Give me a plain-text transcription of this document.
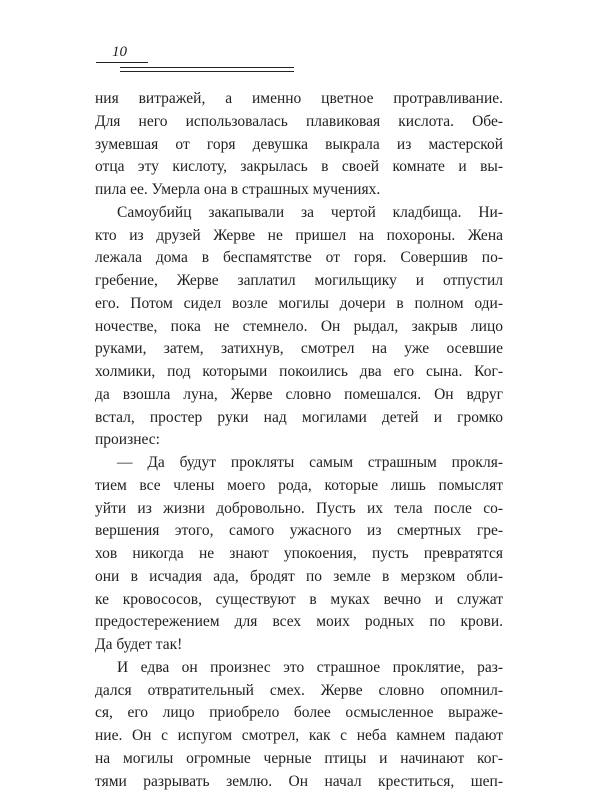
10
ния витражей, а именно цветное протравливание.
Для него использовалась плавиковая кислота. Обе-
зумевшая от горя девушка выкрала из мастерской
отца эту кислоту, закрылась в своей комнате и вы-
пила ее. Умерла она в страшных мучениях.
Самоубийц закапывали за чертой кладбища. Ни-
кто из друзей Жерве не пришел на похороны. Жена
лежала дома в беспамятстве от горя. Совершив по-
гребение, Жерве заплатил могильщику и отпустил
его. Потом сидел возле могилы дочери в полном оди-
ночестве, пока не стемнело. Он рыдал, закрыв лицо
руками, затем, затихнув, смотрел на уже осевшие
холмики, под которыми покоились два его сына. Ког-
да взошла луна, Жерве словно помешался. Он вдруг
встал, простер руки над могилами детей и громко
произнес:
— Да будут прокляты самым страшным прокля-
тием все члены моего рода, которые лишь помыслят
уйти из жизни добровольно. Пусть их тела после со-
вершения этого, самого ужасного из смертных гре-
хов никогда не знают упокоения, пусть превратятся
они в исчадия ада, бродят по земле в мерзком обли-
ке кровососов, существуют в муках вечно и служат
предостережением для всех моих родных по крови.
Да будет так!
И едва он произнес это страшное проклятие, раз-
дался отвратительный смех. Жерве словно опомнил-
ся, его лицо приобрело более осмысленное выраже-
ние. Он с испугом смотрел, как с неба камнем падают
на могилы огромные черные птицы и начинают ког-
тями разрывать землю. Он начал креститься, шеп-
